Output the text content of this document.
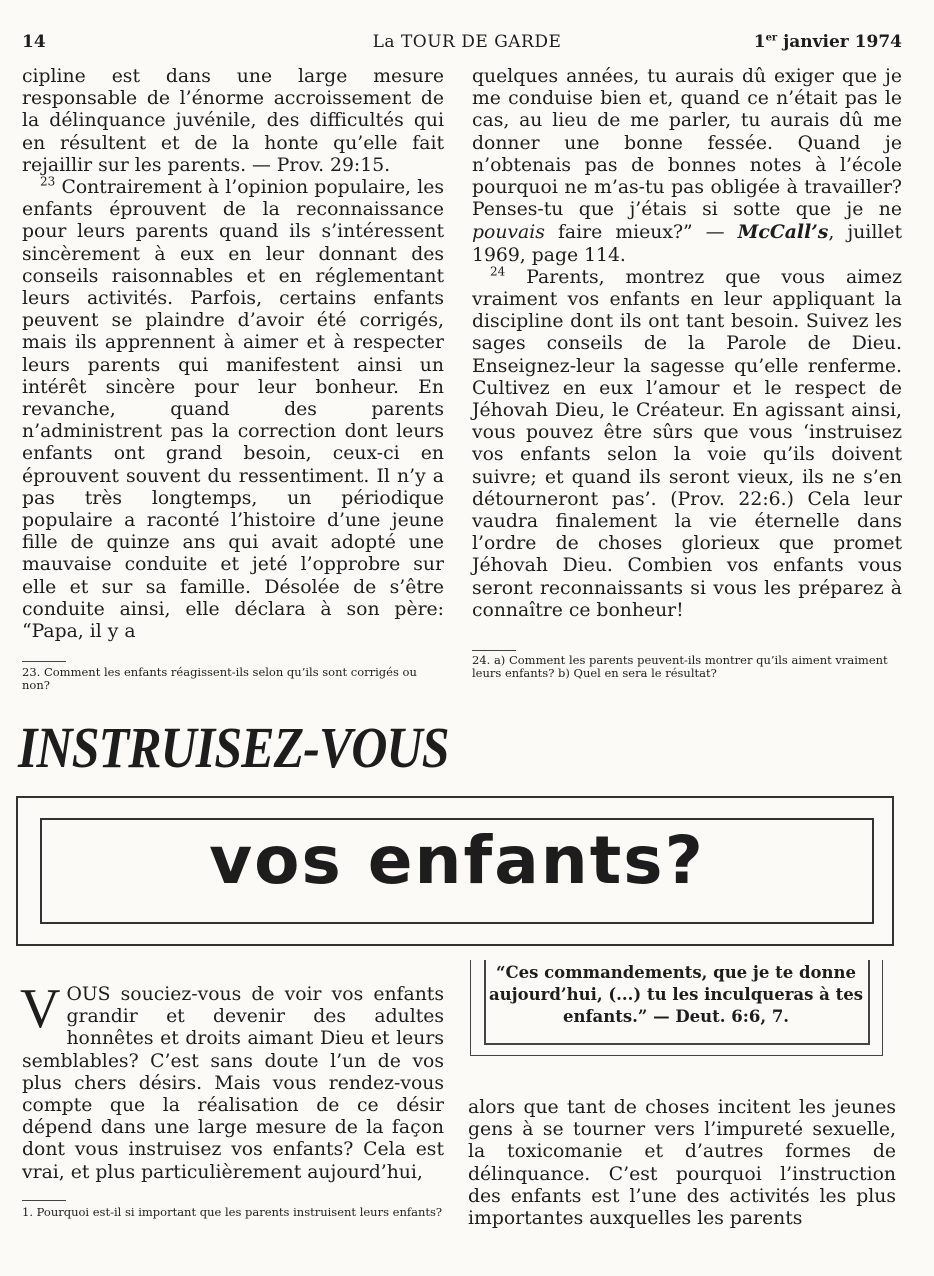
14	La TOUR DE GARDE	1er janvier 1974

cipline est dans une large mesure responsable de l’énorme accroissement de la délinquance juvénile, des difficultés qui en résultent et de la honte qu’elle fait rejaillir sur les parents. — Prov. 29:15.

$^{23}$ Contrairement à l’opinion populaire, les enfants éprouvent de la reconnaissance pour leurs parents quand ils s’intéressent sincèrement à eux en leur donnant des conseils raisonnables et en réglementant leurs activités. Parfois, certains enfants peuvent se plaindre d’avoir été corrigés, mais ils apprennent à aimer et à respecter leurs parents qui manifestent ainsi un intérêt sincère pour leur bonheur. En revanche, quand des parents n’administrent pas la correction dont leurs enfants ont grand besoin, ceux-ci en éprouvent souvent du ressentiment. Il n’y a pas très longtemps, un périodique populaire a raconté l’histoire d’une jeune fille de quinze ans qui avait adopté une mauvaise conduite et jeté l’opprobre sur elle et sur sa famille. Désolée de s’être conduite ainsi, elle déclara à son père: “Papa, il y a

23. Comment les enfants réagissent-ils selon qu’ils sont corrigés ou non?

quelques années, tu aurais dû exiger que je me conduise bien et, quand ce n’était pas le cas, au lieu de me parler, tu aurais dû me donner une bonne fessée. Quand je n’obtenais pas de bonnes notes à l’école pourquoi ne m’as-tu pas obligée à travailler? Penses-tu que j’étais si sotte que je ne pouvais faire mieux?” — McCall’s, juillet 1969, page 114.

$^{24}$ Parents, montrez que vous aimez vraiment vos enfants en leur appliquant la discipline dont ils ont tant besoin. Suivez les sages conseils de la Parole de Dieu. Enseignez-leur la sagesse qu’elle renferme. Cultivez en eux l’amour et le respect de Jéhovah Dieu, le Créateur. En agissant ainsi, vous pouvez être sûrs que vous ‘instruisez vos enfants selon la voie qu’ils doivent suivre; et quand ils seront vieux, ils ne s’en détourneront pas’. (Prov. 22:6.) Cela leur vaudra finalement la vie éternelle dans l’ordre de choses glorieux que promet Jéhovah Dieu. Combien vos enfants vous seront reconnaissants si vous les préparez à connaître ce bonheur!

24. a) Comment les parents peuvent-ils montrer qu’ils aiment vraiment leurs enfants? b) Quel en sera le résultat?
INSTRUISEZ-VOUS
vos enfants?

VOUS souciez-vous de voir vos enfants grandir et devenir des adultes honnêtes et droits aimant Dieu et leurs semblables? C’est sans doute l’un de vos plus chers désirs. Mais vous rendez-vous compte que la réalisation de ce désir dépend dans une large mesure de la façon dont vous instruisez vos enfants? Cela est vrai, et plus particulièrement aujourd’hui,

1. Pourquoi est-il si important que les parents instruisent leurs enfants?
“Ces commandements, que je te donne aujourd’hui, (...) tu les inculqueras à tes enfants.” — Deut. 6:6, 7.
alors que tant de choses incitent les jeunes gens à se tourner vers l’impureté sexuelle, la toxicomanie et d’autres formes de délinquance. C’est pourquoi l’instruction des enfants est l’une des activités les plus importantes auxquelles les parents
